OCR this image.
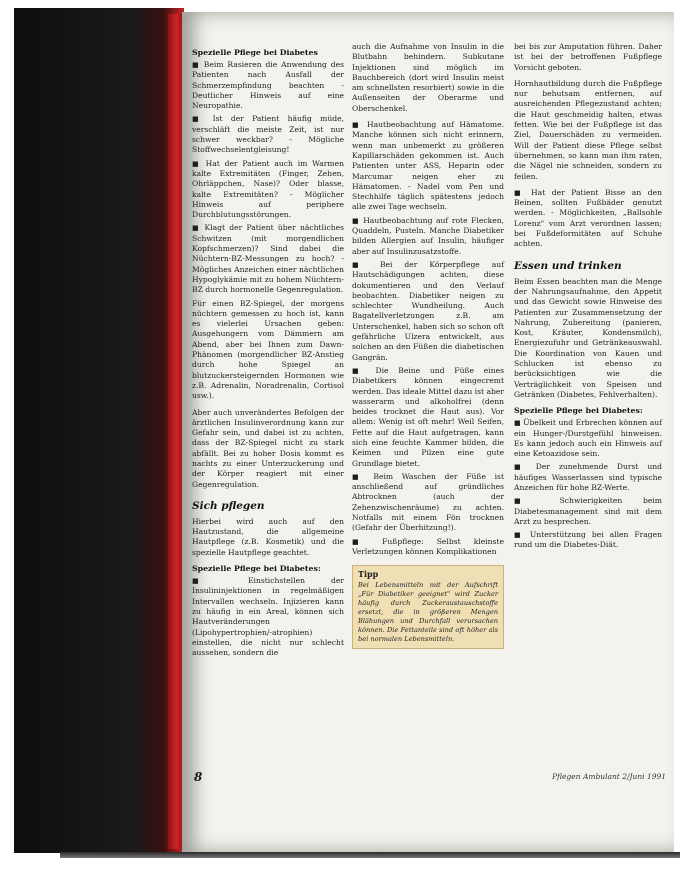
Spezielle Pflege bei Diabetes

■ Beim Rasieren die Anwendung des Patienten nach Ausfall der Schmerzempfindung beachten - Deutlicher Hinweis auf eine Neuropathie.

■ Ist der Patient häufig müde, verschläft die meiste Zeit, ist nur schwer weckbar? - Mögliche Stoffwechselentgleisung!

■ Hat der Patient auch im Warmen kalte Extremitäten (Finger, Zehen, Ohrläppchen, Nase)? Oder blasse, kalte Extremitäten? - Möglicher Hinweis auf periphere Durchblutungsstörungen.

■ Klagt der Patient über nächtliches Schwitzen (mit morgendlichen Kopfschmerzen)? Sind dabei die Nüchtern-BZ-Messungen zu hoch? - Mögliches Anzeichen einer nächtlichen Hypoglykämie mit zu hohem Nüchtern-BZ durch hormonelle Gegenregulation.

Für einen BZ-Spiegel, der morgens nüchtern gemessen zu hoch ist, kann es vielerlei Ursachen geben: Ausgehungern vom Dämmern am Abend, aber bei Ihnen zum Dawn-Phänomen (morgendlicher BZ-Anstieg durch hohe Spiegel an blutzuckersteigernden Hormonen wie z.B. Adrenalin, Noradrenalin, Cortisol usw.).

Aber auch unverändertes Befolgen der ärztlichen Insulinverordnung kann zur Gefahr sein, und dabei ist zu achten, dass der BZ-Spiegel nicht zu stark abfällt. Bei zu hoher Dosis kommt es nachts zu einer Unterzuckerung und der Körper reagiert mit einer Gegenregulation.

Sich pflegen

Hierbei wird auch auf den Hautzustand, die allgemeine Hautpflege (z.B. Kosmetik) und die spezielle Hautpflege geachtet.

Spezielle Pflege bei Diabetes:

■ Einstichstellen der Insulininjektionen in regelmäßigen Intervallen wechseln. Injizieren kann zu häufig in ein Areal, können sich Hautveränderungen (Lipohypertrophien/-atrophien) einstellen, die nicht nur schlecht aussehen, sondern die

auch die Aufnahme von Insulin in die Blutbahn behindern. Subkutane Injektionen sind möglich im Bauchbereich (dort wird Insulin meist am schnellsten resorbiert) sowie in die Außenseiten der Oberarme und Oberschenkel.

■ Hautbeobachtung auf Hämatome. Manche können sich nicht erinnern, wenn man unbemerkt zu größeren Kapillarschäden gekommen ist. Auch Patienten unter ASS, Heparin oder Marcumar neigen eher zu Hämatomen. - Nadel vom Pen und Stechhilfe täglich spätestens jedoch alle zwei Tage wechseln.

■ Hautbeobachtung auf rote Flecken, Quaddeln, Pusteln. Manche Diabetiker bilden Allergien auf Insulin, häufiger aber auf Insulinzusatzstoffe.

■ Bei der Körperpflege auf Hautschädigungen achten, diese dokumentieren und den Verlauf beobachten. Diabetiker neigen zu schlechter Wundheilung. Auch Bagatellverletzungen z.B. am Unterschenkel, haben sich so schon oft gefährliche Ulzera entwickelt, aus solchen an den Füßen die diabetischen Gangrän.

■ Die Beine und Füße eines Diabetikers können eingecremt werden. Das ideale Mittel dazu ist aber wasserarm und alkoholfrei (denn beides trocknet die Haut aus). Vor allem: Wenig ist oft mehr! Weil Seifen, Fette auf die Haut aufgetragen, kann sich eine feuchte Kammer bilden, die Keimen und Pilzen eine gute Grundlage bietet.

■ Beim Waschen der Füße ist anschließend auf gründliches Abtrocknen (auch der Zehenzwischenräume) zu achten. Notfalls mit einem Fön trocknen (Gefahr der Überhitzung!).

■ Fußpflege: Selbst kleinste Verletzungen können Komplikationen

Tipp
Bei Lebensmitteln mit der Aufschrift „Für Diabetiker geeignet" wird Zucker häufig durch Zuckeraustauschstoffe ersetzt, die in größeren Mengen Blähungen und Durchfall verursachen können. Die Fettanteile sind oft höher als bei normalen Lebensmitteln.

bei bis zur Amputation führen. Daher ist bei der betroffenen Fußpflege Vorsicht geboten.

Hornhautbildung durch die Fußpflege nur behutsam entfernen, auf ausreichenden Pflegezustand achten; die Haut geschmeidig halten, etwas fetten. Wie bei der Fußpflege ist das Ziel, Dauerschäden zu vermeiden. Will der Patient diese Pflege selbst übernehmen, so kann man ihm raten, die Nägel nie schneiden, sondern zu feilen.

■ Hat der Patient Bisse an den Beinen, sollten Fußbäder genutzt werden. - Möglichkeiten, „Ballsohle Lorenz" vom Arzt verordnen lassen; bei Fußdeformitäten auf Schuhe achten.

Essen und trinken

Beim Essen beachten man die Menge der Nahrungsaufnahme, den Appetit und das Gewicht sowie Hinweise des Patienten zur Zusammensetzung der Nahrung, Zubereitung (panieren, Kost, Kräuter, Kondensmilch), Energiezufuhr und Getränkeauswahl. Die Koordination von Kauen und Schlucken ist ebenso zu berücksichtigen wie die Verträglichkeit von Speisen und Getränken (Diabetes, Fehlverhalten).

Spezielle Pflege bei Diabetes:

■ Übelkeit und Erbrechen können auf ein Hunger-/Durstgefühl hinweisen. Es kann jedoch auch ein Hinweis auf eine Ketoazidose sein.

■ Der zunehmende Durst und häufiges Wasserlassen sind typische Anzeichen für hohe BZ-Werte.

■ Schwierigkeiten beim Diabetesmanagement sind mit dem Arzt zu besprechen.

■ Unterstützung bei allen Fragen rund um die Diabetes-Diät.

8	Pflegen Ambulant 2/Juni 1991
